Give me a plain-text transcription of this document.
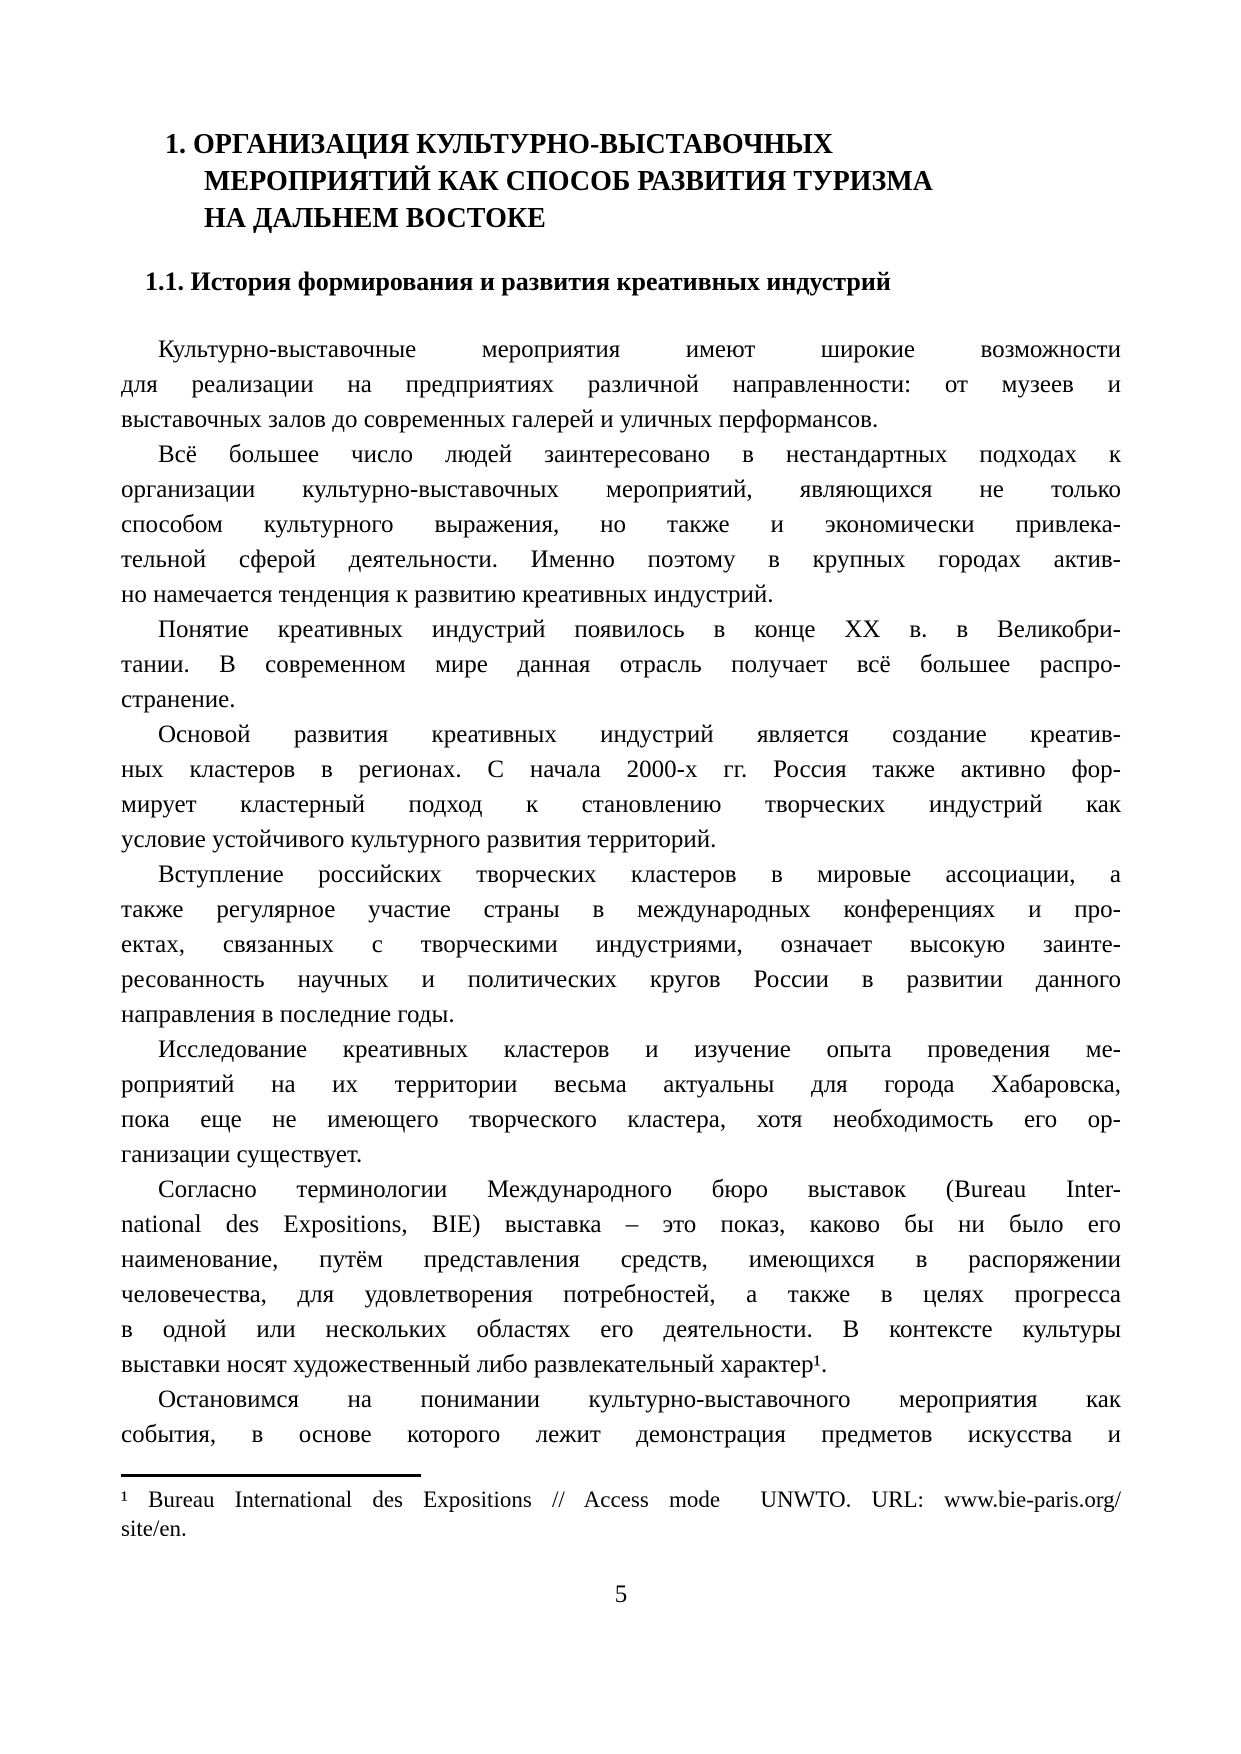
1. ОРГАНИЗАЦИЯ КУЛЬТУРНО-ВЫСТАВОЧНЫХ
МЕРОПРИЯТИЙ КАК СПОСОБ РАЗВИТИЯ ТУРИЗМА
НА ДАЛЬНЕМ ВОСТОКЕ
1.1. История формирования и развития креативных индустрий

Культурно-выставочные мероприятия имеют широкие возможности
для реализации на предприятиях различной направленности: от музеев и
выставочных залов до современных галерей и уличных перформансов.

Всё большее число людей заинтересовано в нестандартных подходах к
организации культурно-выставочных мероприятий, являющихся не только
способом культурного выражения, но также и экономически привлека-
тельной сферой деятельности. Именно поэтому в крупных городах актив-
но намечается тенденция к развитию креативных индустрий.

Понятие креативных индустрий появилось в конце XX в. в Великобри-
тании. В современном мире данная отрасль получает всё большее распро-
странение.

Основой развития креативных индустрий является создание креатив-
ных кластеров в регионах. С начала 2000-х гг. Россия также активно фор-
мирует кластерный подход к становлению творческих индустрий как
условие устойчивого культурного развития территорий.

Вступление российских творческих кластеров в мировые ассоциации, а
также регулярное участие страны в международных конференциях и про-
ектах, связанных с творческими индустриями, означает высокую заинте-
ресованность научных и политических кругов России в развитии данного
направления в последние годы.

Исследование креативных кластеров и изучение опыта проведения ме-
роприятий на их территории весьма актуальны для города Хабаровска,
пока еще не имеющего творческого кластера, хотя необходимость его ор-
ганизации существует.

Согласно терминологии Международного бюро выставок (Bureau Inter-
national des Expositions, BIE) выставка – это показ, каково бы ни было его
наименование, путём представления средств, имеющихся в распоряжении
человечества, для удовлетворения потребностей, а также в целях прогресса
в одной или нескольких областях его деятельности. В контексте культуры
выставки носят художественный либо развлекательный характер¹.

Остановимся на понимании культурно-выставочного мероприятия как
события, в основе которого лежит демонстрация предметов искусства и

¹ Bureau International des Expositions // Access mode  UNWTO. URL: www.bie-paris.org/
site/en.
5
